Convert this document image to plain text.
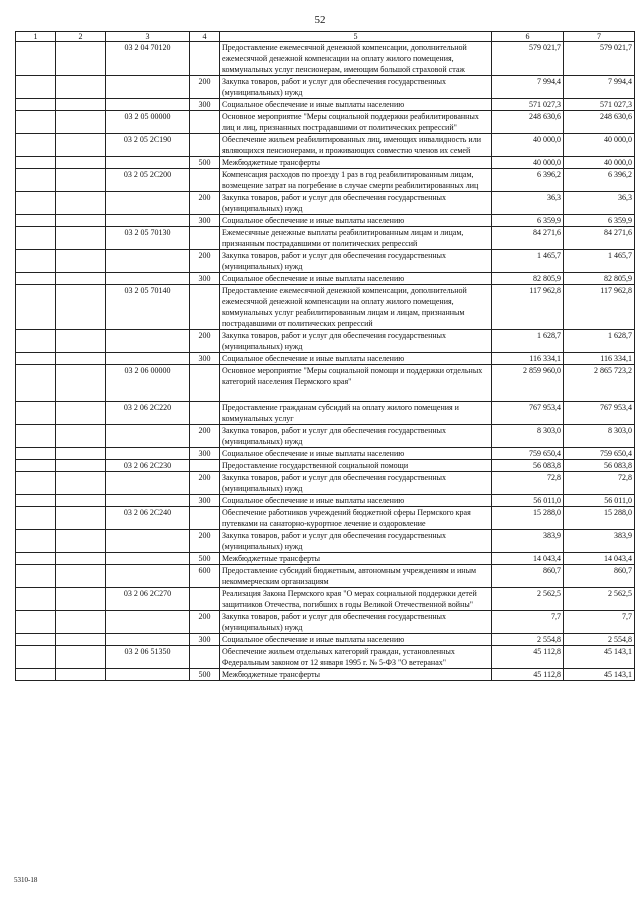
52
1	2	3	4	5	6	7
		03 2 04 70120		Предоставление ежемесячной денежной компенсации, дополнительной ежемесячной денежной компенсации на оплату жилого помещения, коммунальных услуг пенсионерам, имеющим большой страховой стаж	579 021,7	579 021,7
			200	Закупка товаров, работ и услуг для обеспечения государственных (муниципальных) нужд	7 994,4	7 994,4
			300	Социальное обеспечение и иные выплаты населению	571 027,3	571 027,3
		03 2 05 00000		Основное мероприятие "Меры социальной поддержки реабилитированных лиц и лиц, признанных пострадавшими от политических репрессий"	248 630,6	248 630,6
		03 2 05 2С190		Обеспечение жильем реабилитированных лиц, имеющих инвалидность или являющихся пенсионерами, и проживающих совместно членов их семей	40 000,0	40 000,0
			500	Межбюджетные трансферты	40 000,0	40 000,0
		03 2 05 2С200		Компенсация расходов по проезду 1 раз в год реабилитированным лицам, возмещение затрат на погребение в случае смерти реабилитированных лиц	6 396,2	6 396,2
			200	Закупка товаров, работ и услуг для обеспечения государственных (муниципальных) нужд	36,3	36,3
			300	Социальное обеспечение и иные выплаты населению	6 359,9	6 359,9
		03 2 05 70130		Ежемесячные денежные выплаты реабилитированным лицам и лицам, признанным пострадавшими от политических репрессий	84 271,6	84 271,6
			200	Закупка товаров, работ и услуг для обеспечения государственных (муниципальных) нужд	1 465,7	1 465,7
			300	Социальное обеспечение и иные выплаты населению	82 805,9	82 805,9
		03 2 05 70140		Предоставление ежемесячной денежной компенсации, дополнительной ежемесячной денежной компенсации на оплату жилого помещения, коммунальных услуг реабилитированным лицам и лицам, признанным пострадавшими от политических репрессий	117 962,8	117 962,8
			200	Закупка товаров, работ и услуг для обеспечения государственных (муниципальных) нужд	1 628,7	1 628,7
			300	Социальное обеспечение и иные выплаты населению	116 334,1	116 334,1
		03 2 06 00000		Основное мероприятие "Меры социальной помощи и поддержки отдельных категорий населения Пермского края"	2 859 960,0	2 865 723,2
		03 2 06 2С220		Предоставление гражданам субсидий на оплату жилого помещения и коммунальных услуг	767 953,4	767 953,4
			200	Закупка товаров, работ и услуг для обеспечения государственных (муниципальных) нужд	8 303,0	8 303,0
			300	Социальное обеспечение и иные выплаты населению	759 650,4	759 650,4
		03 2 06 2С230		Предоставление государственной социальной помощи	56 083,8	56 083,8
			200	Закупка товаров, работ и услуг для обеспечения государственных (муниципальных) нужд	72,8	72,8
			300	Социальное обеспечение и иные выплаты населению	56 011,0	56 011,0
		03 2 06 2С240		Обеспечение работников учреждений бюджетной сферы Пермского края путевками на санаторно-курортное лечение и оздоровление	15 288,0	15 288,0
			200	Закупка товаров, работ и услуг для обеспечения государственных (муниципальных) нужд	383,9	383,9
			500	Межбюджетные трансферты	14 043,4	14 043,4
			600	Предоставление субсидий бюджетным, автономным учреждениям и иным некоммерческим организациям	860,7	860,7
		03 2 06 2С270		Реализация Закона Пермского края "О мерах социальной поддержки детей защитников Отечества, погибших в годы Великой Отечественной войны"	2 562,5	2 562,5
			200	Закупка товаров, работ и услуг для обеспечения государственных (муниципальных) нужд	7,7	7,7
			300	Социальное обеспечение и иные выплаты населению	2 554,8	2 554,8
		03 2 06 51350		Обеспечение жильем отдельных категорий граждан, установленных Федеральным законом от 12 января 1995 г. № 5-ФЗ "О ветеранах"	45 112,8	45 143,1
			500	Межбюджетные трансферты	45 112,8	45 143,1
5310-18
